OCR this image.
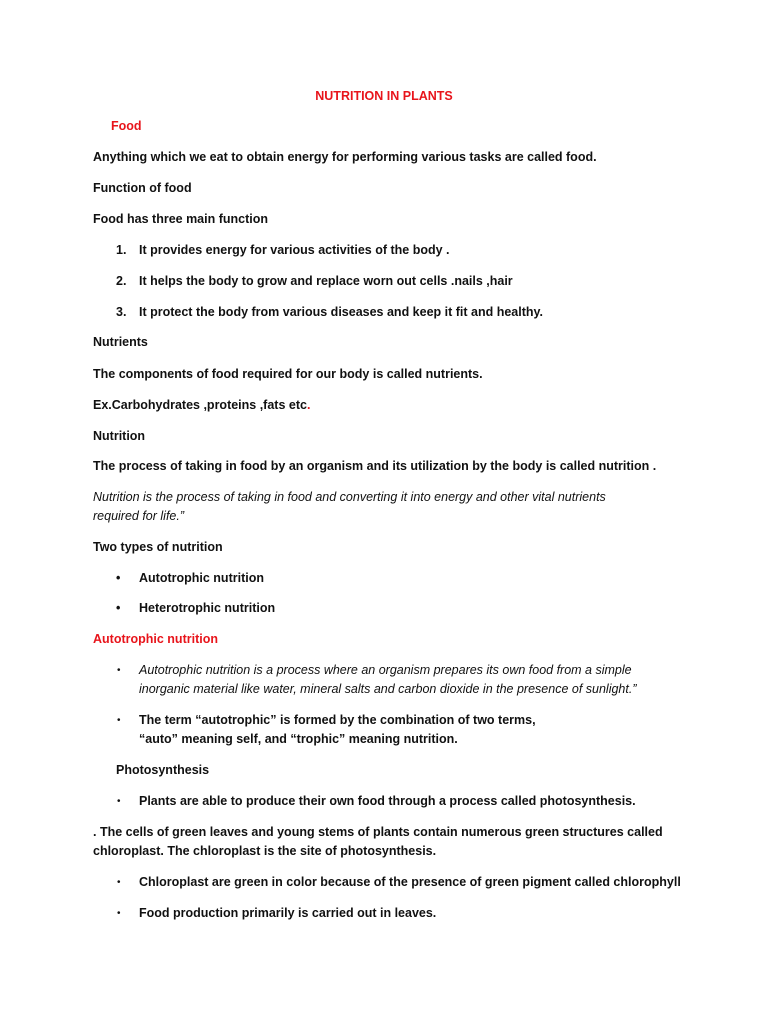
NUTRITION IN PLANTS
Food
Anything which we eat to obtain energy for performing various tasks are called food.
Function of food
Food has three main function
1. It provides energy for various activities of the body .
2. It helps the body to grow and replace worn out cells .nails ,hair
3. It protect the body from various diseases and keep it fit and healthy.
Nutrients
The components of food required for our body is called nutrients.
Ex.Carbohydrates ,proteins ,fats etc.
Nutrition
The process of taking in food by an organism and its utilization by the body is called nutrition .
Nutrition is the process of taking in food and converting it into energy and other vital nutrients
required for life.”
Two types of nutrition
• Autotrophic nutrition
• Heterotrophic nutrition
Autotrophic nutrition
• Autotrophic nutrition is a process where an organism prepares its own food from a simple
inorganic material like water, mineral salts and carbon dioxide in the presence of sunlight.”
• The term “autotrophic” is formed by the combination of two terms,
“auto” meaning self, and “trophic” meaning nutrition.
Photosynthesis
• Plants are able to produce their own food through a process called photosynthesis.
. The cells of green leaves and young stems of plants contain numerous green structures called
chloroplast. The chloroplast is the site of photosynthesis.
• Chloroplast are green in color because of the presence of green pigment called chlorophyll
• Food production primarily is carried out in leaves.
